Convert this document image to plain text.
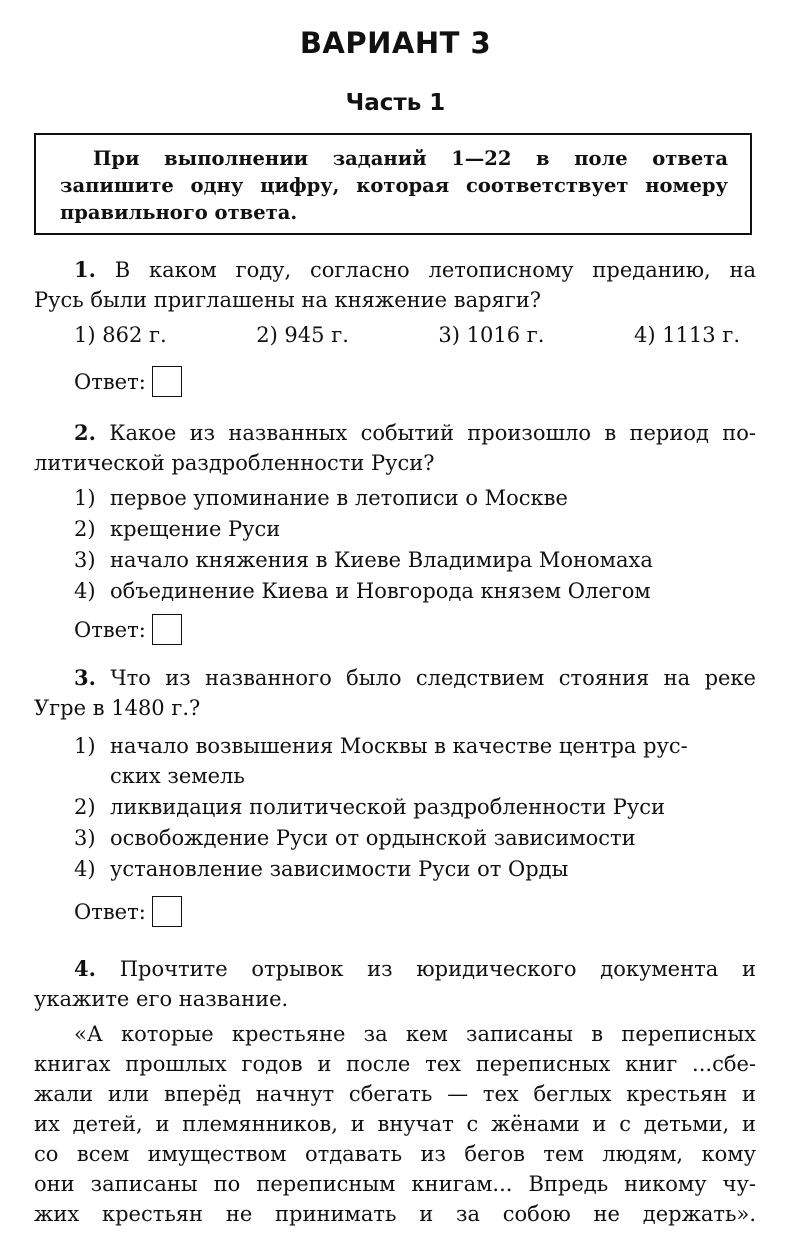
ВАРИАНТ 3
Часть 1

При выполнении заданий 1—22 в поле ответа запишите одну цифру, которая соответствует номеру правильного ответа.

1. В каком году, согласно летописному преданию, на
Русь были приглашены на княжение варяги?
1) 862 г.	2) 945 г.	3) 1016 г.	4) 1113 г.
Ответ:
2. Какое из названных событий произошло в период по-
литической раздробленности Руси?
1) первое упоминание в летописи о Москве
2) крещение Руси
3) начало княжения в Киеве Владимира Мономаха
4) объединение Киева и Новгорода князем Олегом
Ответ:
3. Что из названного было следствием стояния на реке
Угре в 1480 г.?
1) начало возвышения Москвы в качестве центра рус-
ских земель
2) ликвидация политической раздробленности Руси
3) освобождение Руси от ордынской зависимости
4) установление зависимости Руси от Орды
Ответ:
4. Прочтите отрывок из юридического документа и
укажите его название.
«А которые крестьяне за кем записаны в переписных
книгах прошлых годов и после тех переписных книг ...сбе-
жали или вперёд начнут сбегать — тех беглых крестьян и
их детей, и племянников, и внучат с жёнами и с детьми, и
со всем имуществом отдавать из бегов тем людям, кому
они записаны по переписным книгам... Впредь никому чу-
жих крестьян не принимать и за собою не держать».
